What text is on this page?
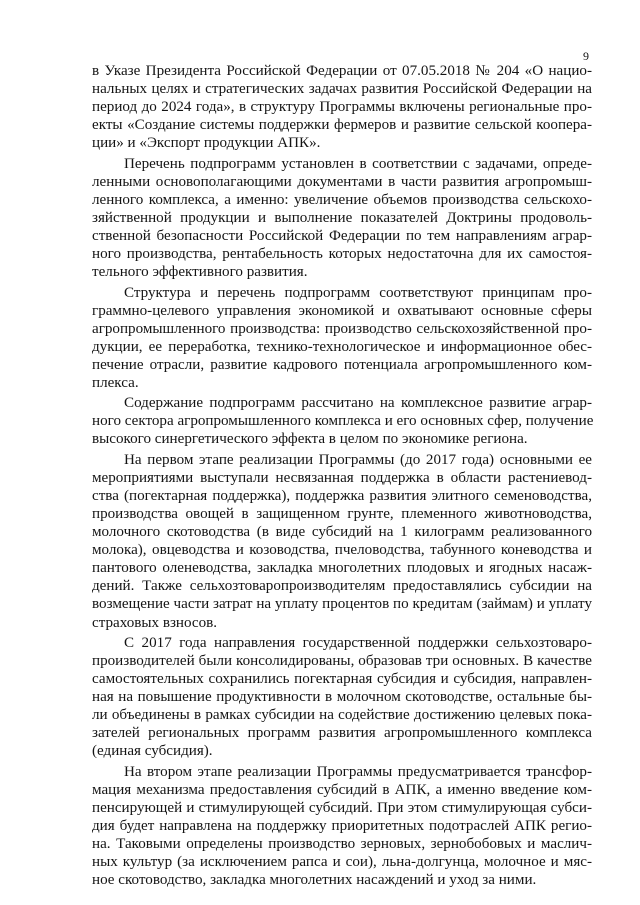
9
в Указе Президента Российской Федерации от 07.05.2018 № 204 «О нацио-
нальных целях и стратегических задачах развития Российской Федерации на
период до 2024 года», в структуру Программы включены региональные про-
екты «Создание системы поддержки фермеров и развитие сельской коопера-
ции» и «Экспорт продукции АПК».
Перечень подпрограмм установлен в соответствии с задачами, опреде-
ленными основополагающими документами в части развития агропромыш-
ленного комплекса, а именно: увеличение объемов производства сельскохо-
зяйственной продукции и выполнение показателей Доктрины продоволь-
ственной безопасности Российской Федерации по тем направлениям аграр-
ного производства, рентабельность которых недостаточна для их самостоя-
тельного эффективного развития.
Структура и перечень подпрограмм соответствуют принципам про-
граммно-целевого управления экономикой и охватывают основные сферы
агропромышленного производства: производство сельскохозяйственной про-
дукции, ее переработка, технико-технологическое и информационное обес-
печение отрасли, развитие кадрового потенциала агропромышленного ком-
плекса.
Содержание подпрограмм рассчитано на комплексное развитие аграр-
ного сектора агропромышленного комплекса и его основных сфер, получение
высокого синергетического эффекта в целом по экономике региона.
На первом этапе реализации Программы (до 2017 года) основными ее
мероприятиями выступали несвязанная поддержка в области растениевод-
ства (погектарная поддержка), поддержка развития элитного семеноводства,
производства овощей в защищенном грунте, племенного животноводства,
молочного скотоводства (в виде субсидий на 1 килограмм реализованного
молока), овцеводства и козоводства, пчеловодства, табунного коневодства и
пантового оленеводства, закладка многолетних плодовых и ягодных насаж-
дений. Также сельхозтоваропроизводителям предоставлялись субсидии на
возмещение части затрат на уплату процентов по кредитам (займам) и уплату
страховых взносов.
С 2017 года направления государственной поддержки сельхозтоваро-
производителей были консолидированы, образовав три основных. В качестве
самостоятельных сохранились погектарная субсидия и субсидия, направлен-
ная на повышение продуктивности в молочном скотоводстве, остальные бы-
ли объединены в рамках субсидии на содействие достижению целевых пока-
зателей региональных программ развития агропромышленного комплекса
(единая субсидия).
На втором этапе реализации Программы предусматривается трансфор-
мация механизма предоставления субсидий в АПК, а именно введение ком-
пенсирующей и стимулирующей субсидий. При этом стимулирующая субси-
дия будет направлена на поддержку приоритетных подотраслей АПК регио-
на. Таковыми определены производство зерновых, зернобобовых и маслич-
ных культур (за исключением рапса и сои), льна-долгунца, молочное и мяс-
ное скотоводство, закладка многолетних насаждений и уход за ними.
